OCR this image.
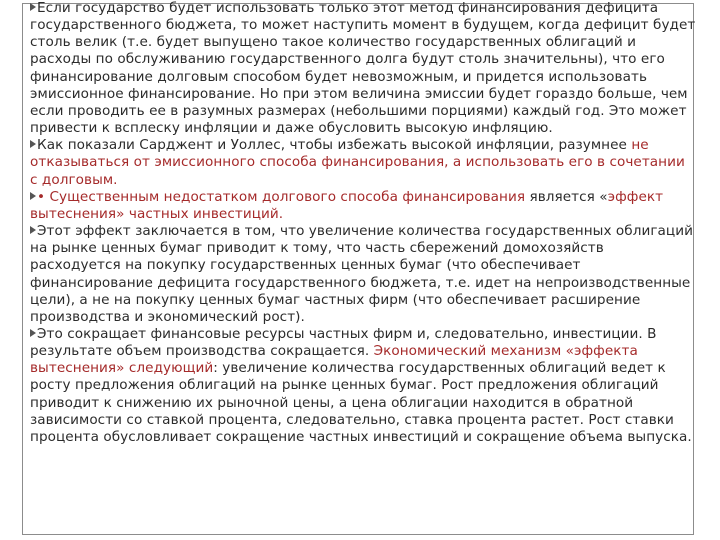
Если государство будет использовать только этот метод финансирования дефицита государственного бюджета, то может наступить момент в будущем, когда дефицит будет столь велик (т.е. будет выпущено такое количество государственных облигаций и расходы по обслуживанию государственного долга будут столь значительны), что его финансирование долговым способом будет невозможным, и придется использовать эмиссионное финансирование. Но при этом величина эмиссии будет гораздо больше, чем если проводить ее в разумных размерах (небольшими порциями) каждый год. Это может привести к всплеску инфляции и даже обусловить высокую инфляцию.

Как показали Сарджент и Уоллес, чтобы избежать высокой инфляции, разумнее не отказываться от эмиссионного способа финансирования, а использовать его в сочетании с долговым.

• Существенным недостатком долгового способа финансирования является «эффект вытеснения» частных инвестиций.

Этот эффект заключается в том, что увеличение количества государственных облигаций на рынке ценных бумаг приводит к тому, что часть сбережений домохозяйств расходуется на покупку государственных ценных бумаг (что обеспечивает финансирование дефицита государственного бюджета, т.е. идет на непроизводственные цели), а не на покупку ценных бумаг частных фирм (что обеспечивает расширение производства и экономический рост).

Это сокращает финансовые ресурсы частных фирм и, следовательно, инвестиции. В результате объем производства сокращается. Экономический механизм «эффекта вытеснения» следующий: увеличение количества государственных облигаций ведет к росту предложения облигаций на рынке ценных бумаг. Рост предложения облигаций приводит к снижению их рыночной цены, а цена облигации находится в обратной зависимости со ставкой процента, следовательно, ставка процента растет. Рост ставки процента обусловливает сокращение частных инвестиций и сокращение объема выпуска.
